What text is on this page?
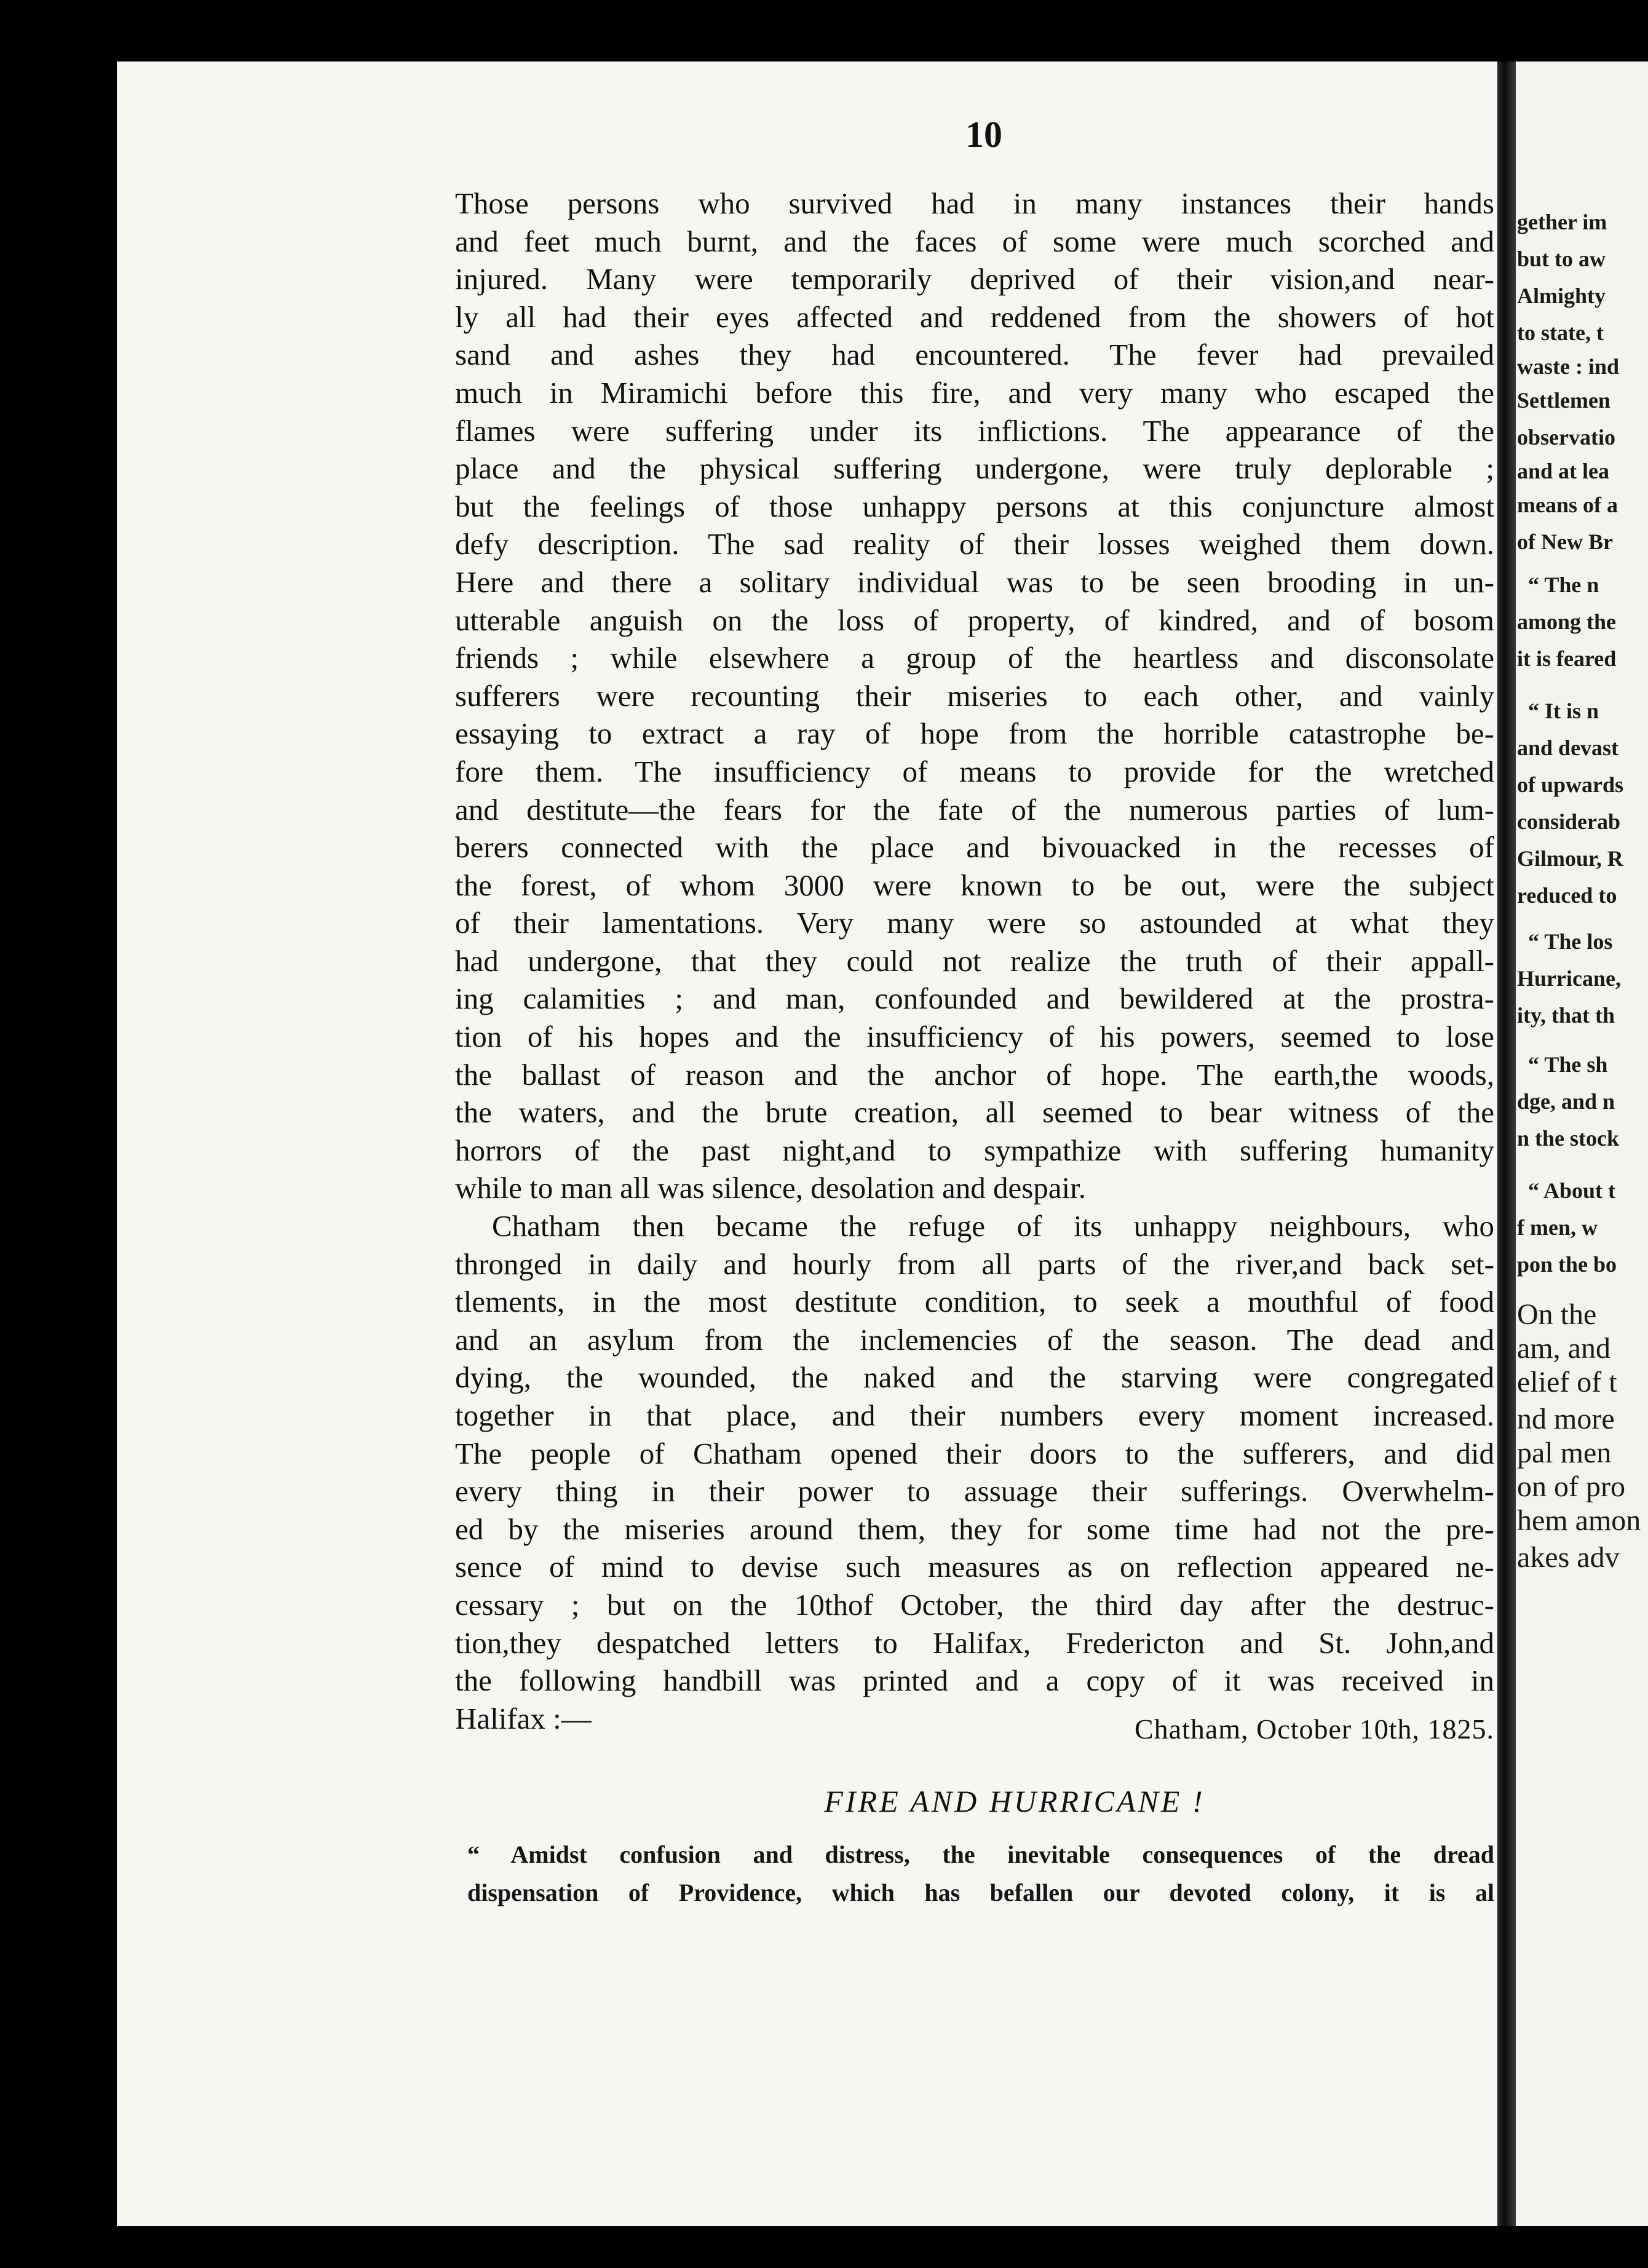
gether im
but to aw
Almighty
to state, t
waste : ind
Settlemen
observatio
and at lea
means of a
of New Br
“ The n
among the
it is feared
“ It is n
and devast
of upwards
considerab
Gilmour, R
reduced to
“ The los
Hurricane,
ity, that th
“ The sh
dge, and n
n the stock
“ About t
f men, w
pon the bo
On the
am, and
elief of t
nd more
pal men
on of pro
hem amon
akes adv
10
Those persons who survived had in many instances their hands
and feet much burnt, and the faces of some were much scorched and
injured. Many were temporarily deprived of their vision,and near-
ly all had their eyes affected and reddened from the showers of hot
sand and ashes they had encountered. The fever had prevailed
much in Miramichi before this fire, and very many who escaped the
flames were suffering under its inflictions. The appearance of the
place and the physical suffering undergone, were truly deplorable ;
but the feelings of those unhappy persons at this conjuncture almost
defy description. The sad reality of their losses weighed them down.
Here and there a solitary individual was to be seen brooding in un-
utterable anguish on the loss of property, of kindred, and of bosom
friends ; while elsewhere a group of the heartless and disconsolate
sufferers were recounting their miseries to each other, and vainly
essaying to extract a ray of hope from the horrible catastrophe be-
fore them. The insufficiency of means to provide for the wretched
and destitute—the fears for the fate of the numerous parties of lum-
berers connected with the place and bivouacked in the recesses of
the forest, of whom 3000 were known to be out, were the subject
of their lamentations. Very many were so astounded at what they
had undergone, that they could not realize the truth of their appall-
ing calamities ; and man, confounded and bewildered at the prostra-
tion of his hopes and the insufficiency of his powers, seemed to lose
the ballast of reason and the anchor of hope. The earth,the woods,
the waters, and the brute creation, all seemed to bear witness of the
horrors of the past night,and to sympathize with suffering humanity
while to man all was silence, desolation and despair.
Chatham then became the refuge of its unhappy neighbours, who
thronged in daily and hourly from all parts of the river,and back set-
tlements, in the most destitute condition, to seek a mouthful of food
and an asylum from the inclemencies of the season. The dead and
dying, the wounded, the naked and the starving were congregated
together in that place, and their numbers every moment increased.
The people of Chatham opened their doors to the sufferers, and did
every thing in their power to assuage their sufferings. Overwhelm-
ed by the miseries around them, they for some time had not the pre-
sence of mind to devise such measures as on reflection appeared ne-
cessary ; but on the 10thof October, the third day after the destruc-
tion,they despatched letters to Halifax, Fredericton and St. John,and
the following handbill was printed and a copy of it was received in
Halifax :—	Chatham, October 10th, 1825.
FIRE AND HURRICANE !
“ Amidst confusion and distress, the inevitable consequences of the dread
dispensation of Providence, which has befallen our devoted colony, it is al
